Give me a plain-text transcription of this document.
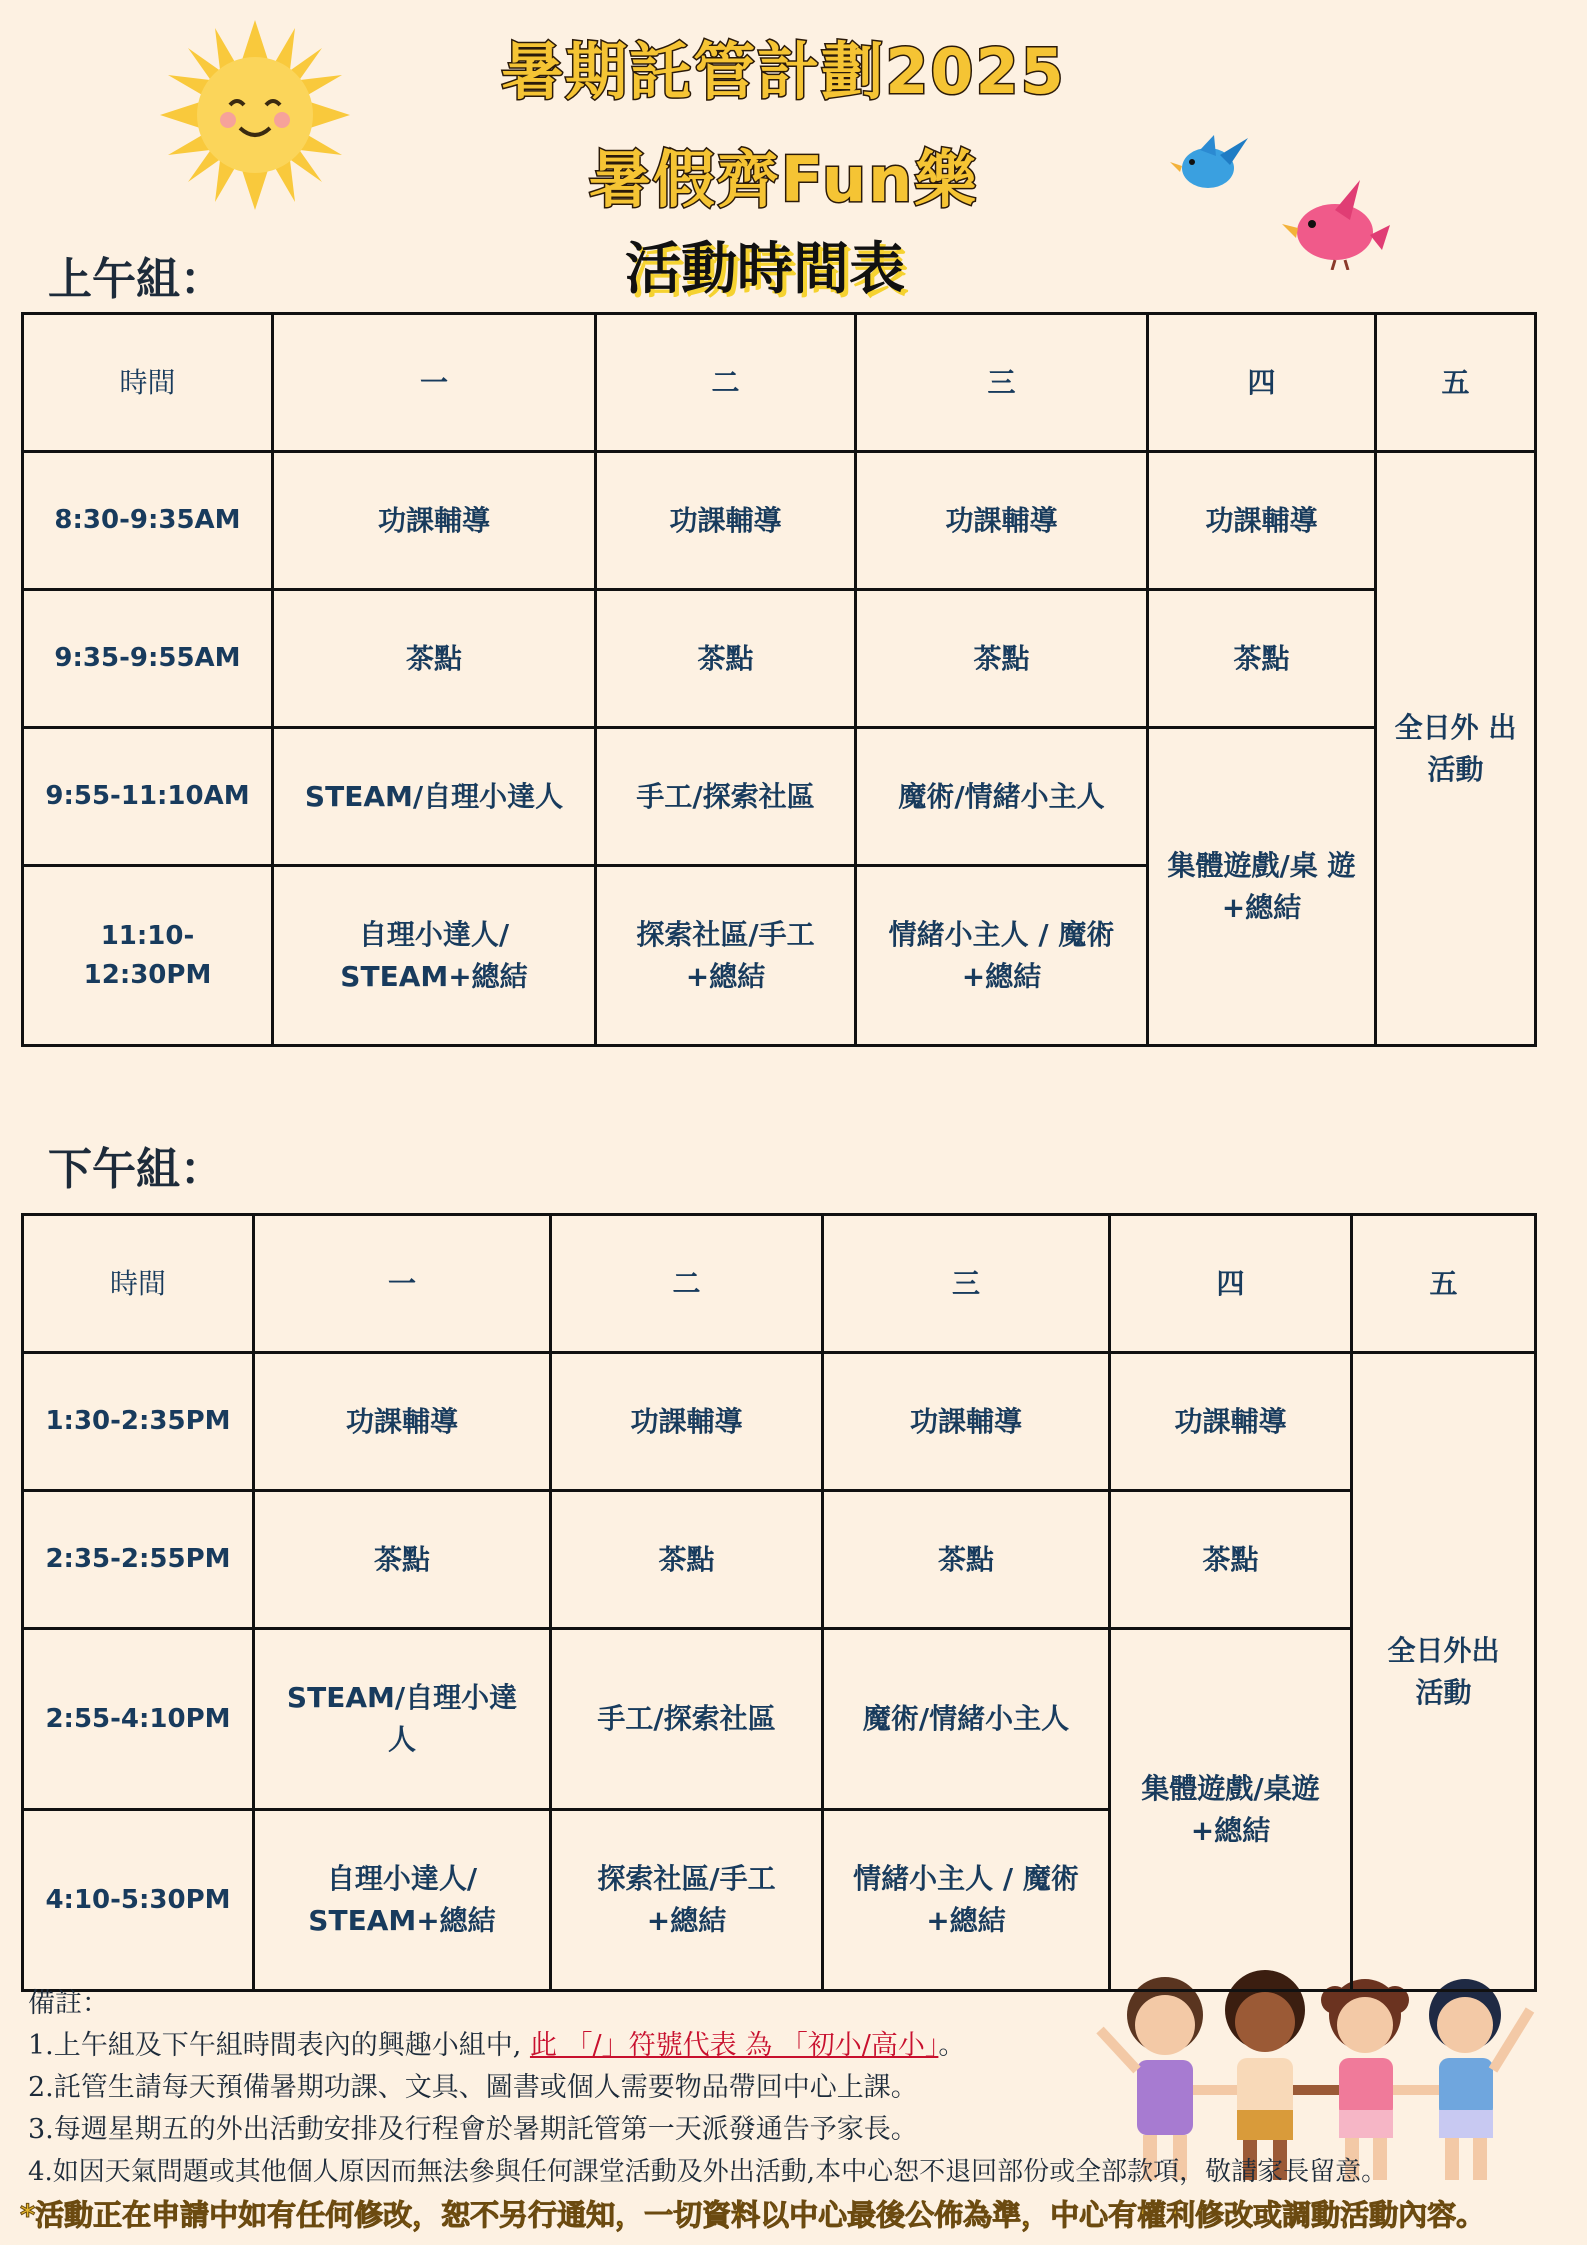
暑期託管計劃2025
暑假齊Fun樂
活動時間表
上午組：
時間	一	二	三	四	五
8:30-9:35AM	功課輔導	功課輔導	功課輔導	功課輔導	全日外 出活動
9:35-9:55AM	茶點	茶點	茶點	茶點	
9:55-11:10AM	STEAM/自理小達人	手工/探索社區	魔術/情緒小主人	集體遊戲/桌 遊+總結	
11:10-12:30PM	自理小達人/ STEAM+總結	探索社區/手工 +總結	情緒小主人 / 魔術 +總結		
下午組：
時間	一	二	三	四	五
1:30-2:35PM	功課輔導	功課輔導	功課輔導	功課輔導	全日外出 活動
2:35-2:55PM	茶點	茶點	茶點	茶點	
2:55-4:10PM	STEAM/自理小達 人	手工/探索社區	魔術/情緒小主人	集體遊戲/桌遊 +總結	
4:10-5:30PM	自理小達人/ STEAM+總結	探索社區/手工 +總結	情緒小主人 / 魔術 +總結		
備註：
1.上午組及下午組時間表內的興趣小組中, 此 「/」符號代表 為 「初小/高小」。
2.託管生請每天預備暑期功課、文具、圖書或個人需要物品帶回中心上課。
3.每週星期五的外出活動安排及行程會於暑期託管第一天派發通告予家長。
4.如因天氣問題或其他個人原因而無法參與任何課堂活動及外出活動,本中心恕不退回部份或全部款項，敬請家長留意。
*活動正在申請中如有任何修改，恕不另行通知，一切資料以中心最後公佈為準，中心有權利修改或調動活動內容。
